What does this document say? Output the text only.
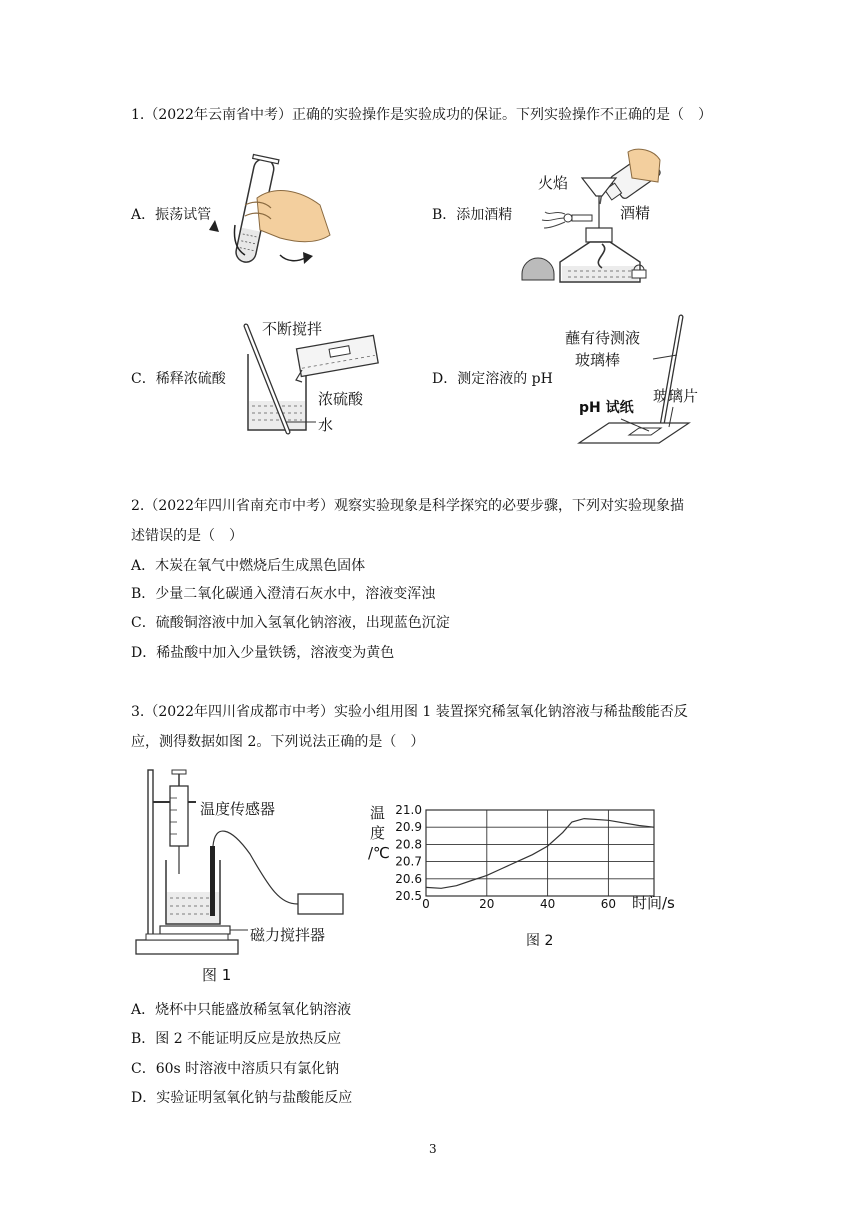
1.（2022年云南省中考）正确的实验操作是实验成功的保证。下列实验操作不正确的是（　）
A．振荡试管	B．添加酒精
C．稀释浓硫酸	D．测定溶液的 pH
火焰
酒精
不断搅拌
浓硫酸
水
蘸有待测液
玻璃棒
pH 试纸
玻璃片
2.（2022年四川省南充市中考）观察实验现象是科学探究的必要步骤，下列对实验现象描
述错误的是（　）
A．木炭在氧气中燃烧后生成黑色固体
B．少量二氧化碳通入澄清石灰水中，溶液变浑浊
C．硫酸铜溶液中加入氢氧化钠溶液，出现蓝色沉淀
D．稀盐酸中加入少量铁锈，溶液变为黄色
3.（2022年四川省成都市中考）实验小组用图 1 装置探究稀氢氧化钠溶液与稀盐酸能否反
应，测得数据如图 2。下列说法正确的是（　）
温度传感器
磁力搅拌器
图 1
温
度
/℃
20.5
20.6
20.7
20.8
20.9
21.0
0	20	40	60 时间/s
图 2
A．烧杯中只能盛放稀氢氧化钠溶液
B．图 2 不能证明反应是放热反应
C．60s 时溶液中溶质只有氯化钠
D．实验证明氢氧化钠与盐酸能反应
3
